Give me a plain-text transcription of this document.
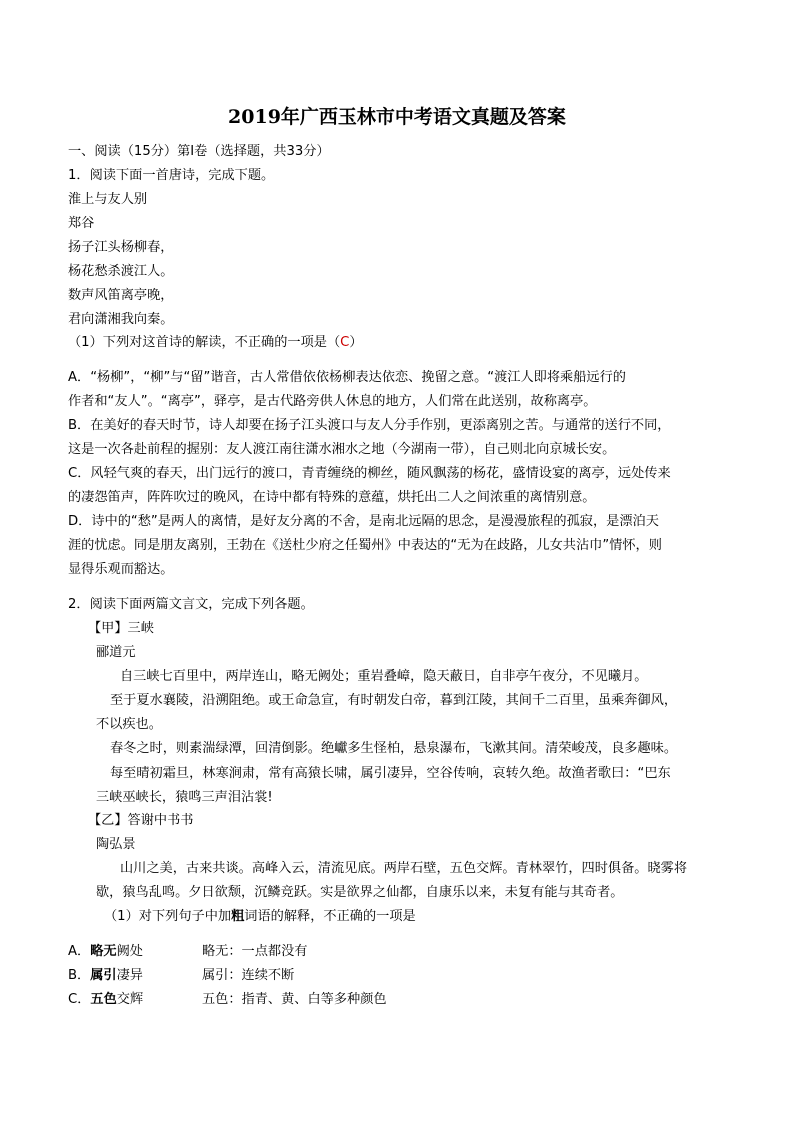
2019年广西玉林市中考语文真题及答案
一、阅读（15分）第Ⅰ卷（选择题，共33分）
1．阅读下面一首唐诗，完成下题。
淮上与友人别
郑谷
扬子江头杨柳春，
杨花愁杀渡江人。
数声风笛离亭晚，
君向潇湘我向秦。
（1）下列对这首诗的解读，不正确的一项是（C）
A．“杨柳”，“柳”与“留”谐音，古人常借依依杨柳表达依恋、挽留之意。“渡江人即将乘船远行的
作者和“友人”。“离亭”，驿亭，是古代路旁供人休息的地方，人们常在此送别，故称离亭。
B．在美好的春天时节，诗人却要在扬子江头渡口与友人分手作别，更添离别之苦。与通常的送行不同，
这是一次各赴前程的握别：友人渡江南往潇水湘水之地（今湖南一带），自己则北向京城长安。
C．风轻气爽的春天，出门远行的渡口，青青缠绕的柳丝，随风飘荡的杨花，盛情设宴的离亭，远处传来
的凄怨笛声，阵阵吹过的晚风，在诗中都有特殊的意蕴，烘托出二人之间浓重的离情别意。
D．诗中的“愁”是两人的离情，是好友分离的不舍，是南北远隔的思念，是漫漫旅程的孤寂，是漂泊天
涯的忧虑。同是朋友离别，王勃在《送杜少府之任蜀州》中表达的“无为在歧路，儿女共沾巾”情怀，则
显得乐观而豁达。
2．阅读下面两篇文言文，完成下列各题。
【甲】三峡
郦道元
自三峡七百里中，两岸连山，略无阙处；重岩叠嶂，隐天蔽日，自非亭午夜分，不见曦月。
至于夏水襄陵，沿溯阻绝。或王命急宣，有时朝发白帝，暮到江陵，其间千二百里，虽乘奔御风，
不以疾也。
春冬之时，则素湍绿潭，回清倒影。绝巘多生怪柏，悬泉瀑布，飞漱其间。清荣峻茂，良多趣味。
每至晴初霜旦，林寒涧肃，常有高猿长啸，属引凄异，空谷传响，哀转久绝。故渔者歌曰：“巴东
三峡巫峡长，猿鸣三声泪沾裳!
【乙】答谢中书书
陶弘景
山川之美，古来共谈。高峰入云，清流见底。两岸石壁，五色交辉。青林翠竹，四时俱备。晓雾将
歇，猿鸟乱鸣。夕日欲颓，沉鳞竞跃。实是欲界之仙都，自康乐以来，未复有能与其奇者。
（1）对下列句子中加粗词语的解释，不正确的一项是
A．略无阙处	略无：一点都没有
B．属引凄异	属引：连续不断
C．五色交辉	五色：指青、黄、白等多种颜色
